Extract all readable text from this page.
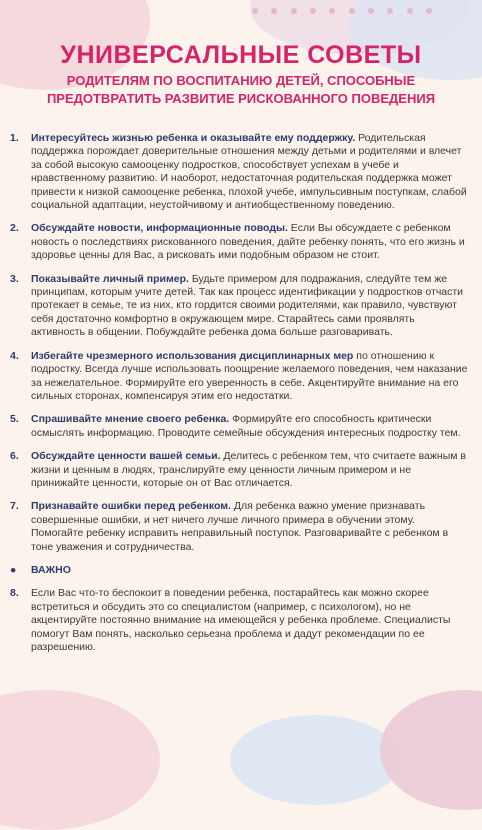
УНИВЕРСАЛЬНЫЕ СОВЕТЫ
РОДИТЕЛЯМ ПО ВОСПИТАНИЮ ДЕТЕЙ, СПОСОБНЫЕ
ПРЕДОТВРАТИТЬ РАЗВИТИЕ РИСКОВАННОГО ПОВЕДЕНИЯ
1.	Интересуйтесь жизнью ребенка и оказывайте ему поддержку. Родительская поддержка порождает доверительные отношения между детьми и родителями и влечет за собой высокую самооценку подростков, способствует успехам в учебе и нравственному развитию. И наоборот, недостаточная родительская поддержка может привести к низкой самооценке ребенка, плохой учебе, импульсивным поступкам, слабой социальной адаптации, неустойчивому и антиобщественному поведению.
2.	Обсуждайте новости, информационные поводы. Если Вы обсуждаете с ребенком новость о последствиях рискованного поведения, дайте ребенку понять, что его жизнь и здоровье ценны для Вас, а рисковать ими подобным образом не стоит.
3.	Показывайте личный пример. Будьте примером для подражания, следуйте тем же принципам, которым учите детей. Так как процесс идентификации у подростков отчасти протекает в семье, те из них, кто гордится своими родителями, как правило, чувствуют себя достаточно комфортно в окружающем мире. Старайтесь сами проявлять активность в общении. Побуждайте ребенка дома больше разговаривать.
4.	Избегайте чрезмерного использования дисциплинарных мер по отношению к подростку. Всегда лучше использовать поощрение желаемого поведения, чем наказание за нежелательное. Формируйте его уверенность в себе. Акцентируйте внимание на его сильных сторонах, компенсируя этим его недостатки.
5.	Спрашивайте мнение своего ребенка. Формируйте его способность критически осмыслять информацию. Проводите семейные обсуждения интересных подростку тем.
6.	Обсуждайте ценности вашей семьи. Делитесь с ребенком тем, что считаете важным в жизни и ценным в людях, транслируйте ему ценности личным примером и не принижайте ценности, которые он от Вас отличается.
7.	Признавайте ошибки перед ребенком. Для ребенка важно умение признавать совершенные ошибки, и нет ничего лучше личного примера в обучении этому. Помогайте ребенку исправить неправильный поступок. Разговаривайте с ребенком в тоне уважения и сотрудничества.
●	ВАЖНО
8.	Если Вас что-то беспокоит в поведении ребенка, постарайтесь как можно скорее встретиться и обсудить это со специалистом (например, с психологом), но не акцентируйте постоянно внимание на имеющейся у ребенка проблеме. Специалисты помогут Вам понять, насколько серьезна проблема и дадут рекомендации по ее разрешению.
